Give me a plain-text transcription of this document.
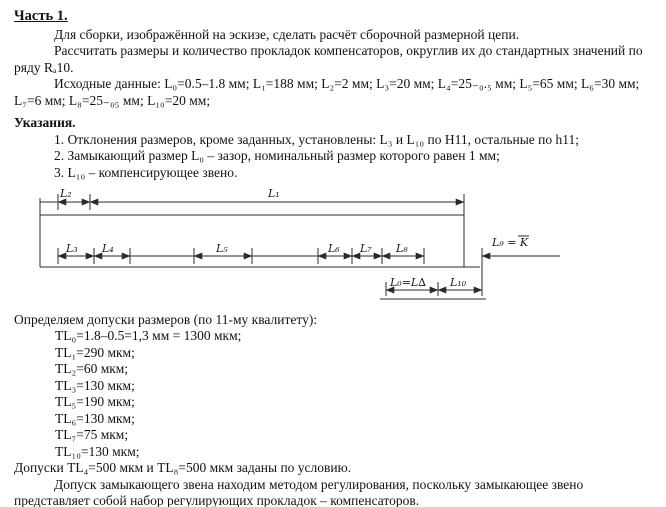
Часть 1.

Для сборки, изображённой на эскизе, сделать расчёт сборочной размерной цепи.

Рассчитать размеры и количество прокладок компенсаторов, округлив их до стандартных значений по ряду Rₐ10.

Исходные данные: L₀=0.5–1.8 мм; L₁=188 мм; L₂=2 мм; L₃=20 мм; L₄=25₋₀.₅ мм; L₅=65 мм; L₆=30 мм; L₇=6 мм; L₈=25₋₀₅ мм; L₁₀=20 мм;

Указания.

1. Отклонения размеров, кроме заданных, установлены: L₃ и L₁₀ по H11, остальные по h11;

2. Замыкающий размер L₀ – зазор, номинальный размер которого равен 1 мм;

3. L₁₀ – компенсирующее звено.

L₂	L₁
L₃ L₄	L₅	L₆ L₇ L₈	L₉ = K
L₀=L∆ L₁₀

Определяем допуски размеров (по 11-му квалитету):

TL₀=1.8–0.5=1,3 мм = 1300 мкм;

TL₁=290 мкм;

TL₂=60 мкм;

TL₃=130 мкм;

TL₅=190 мкм;

TL₆=130 мкм;

TL₇=75 мкм;

TL₁₀=130 мкм;

Допуски TL₄=500 мкм и TL₈=500 мкм заданы по условию.

Допуск замыкающего звена находим методом регулирования, поскольку замыкающее звено представляет собой набор регулирующих прокладок – компенсаторов.
